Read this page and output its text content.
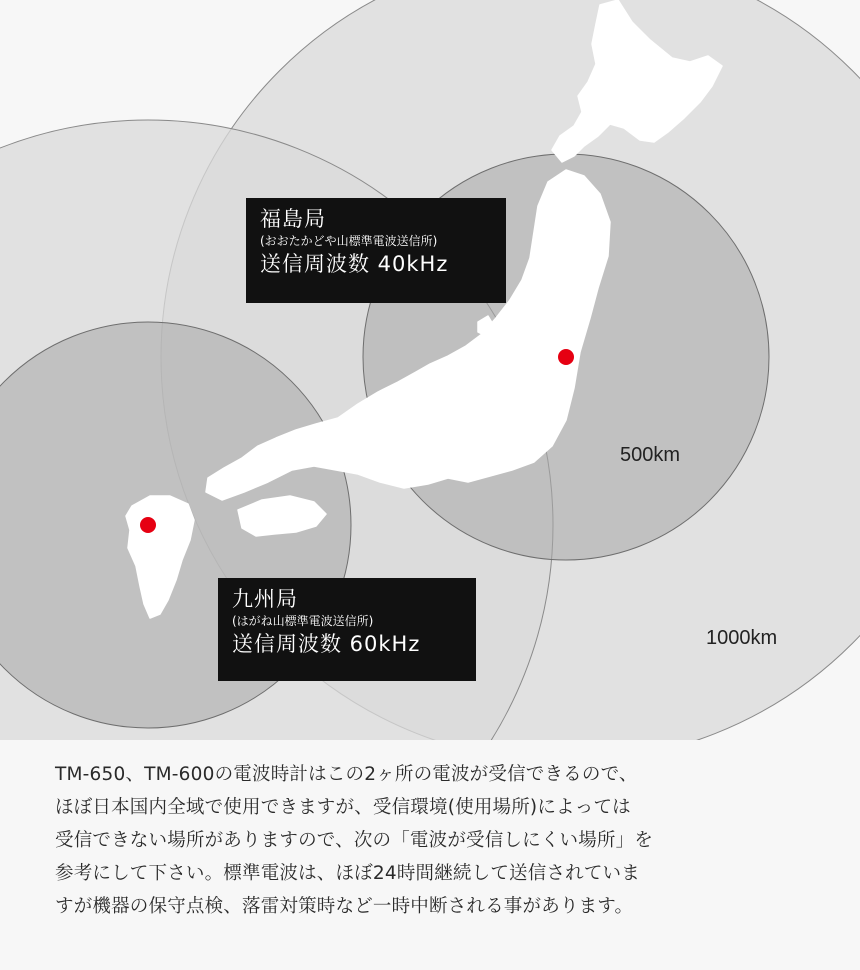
福島局
(おおたかどや山標準電波送信所)
送信周波数 40kHz
九州局
(はがね山標準電波送信所)
送信周波数 60kHz
500km
1000km
TM-650、TM-600の電波時計はこの2ヶ所の電波が受信できるので、
ほぼ日本国内全域で使用できますが、受信環境(使用場所)によっては
受信できない場所がありますので、次の「電波が受信しにくい場所」を
参考にして下さい。標準電波は、ほぼ24時間継続して送信されていま
すが機器の保守点検、落雷対策時など一時中断される事があります。
